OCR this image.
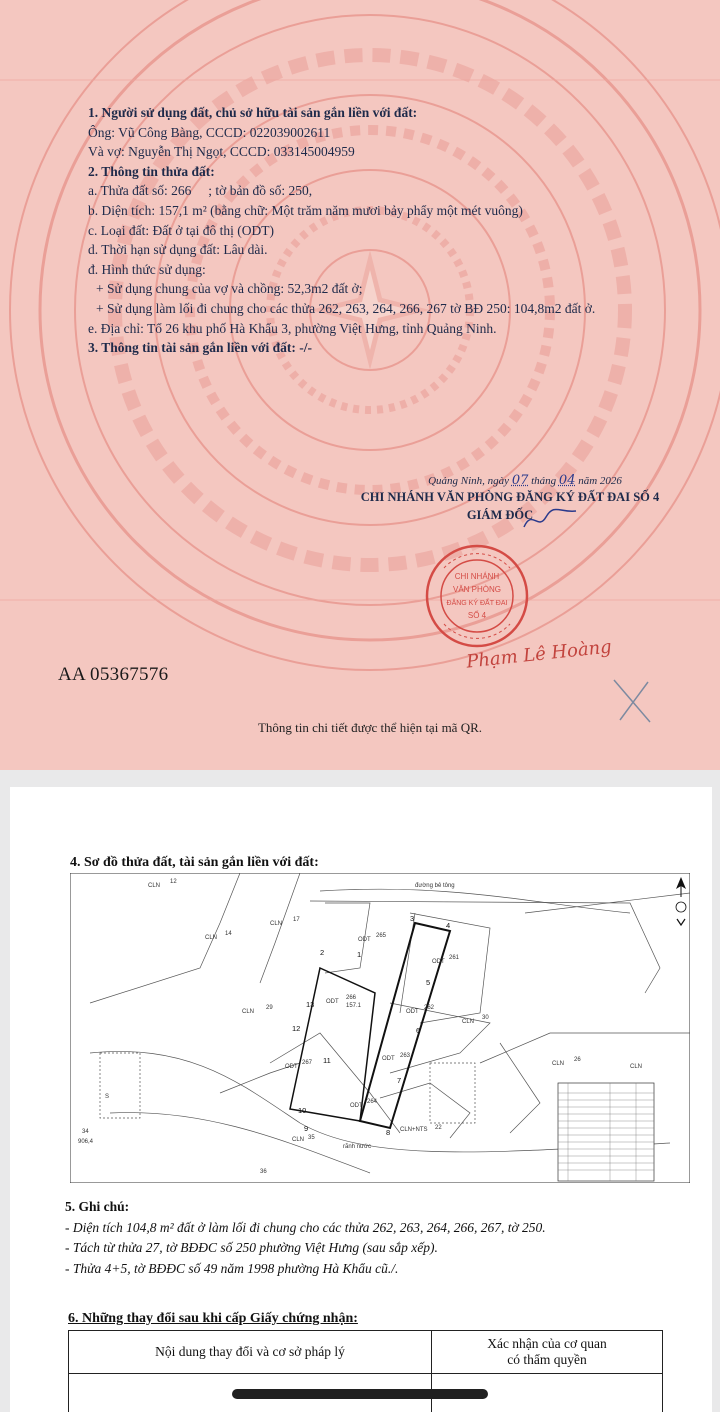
1. Người sử dụng đất, chủ sở hữu tài sản gắn liền với đất:
Ông: Vũ Công Bàng, CCCD: 022039002611
Và vợ: Nguyễn Thị Ngọt, CCCD: 033145004959
2. Thông tin thửa đất:
a. Thửa đất số: 266     ; tờ bản đồ số: 250,
b. Diện tích: 157,1 m² (bằng chữ: Một trăm năm mươi bảy phẩy một mét vuông)
c. Loại đất: Đất ở tại đô thị (ODT)
d. Thời hạn sử dụng đất: Lâu dài.
đ. Hình thức sử dụng:
+ Sử dụng chung của vợ và chồng: 52,3m2 đất ở;
+ Sử dụng làm lối đi chung cho các thửa 262, 263, 264, 266, 267 tờ BĐ 250: 104,8m2 đất ở.
e. Địa chỉ: Tổ 26 khu phố Hà Khẩu 3, phường Việt Hưng, tỉnh Quảng Ninh.
3. Thông tin tài sản gắn liền với đất: -/-
Quảng Ninh, ngày 07 tháng 04 năm 2026
CHI NHÁNH VĂN PHÒNG ĐĂNG KÝ ĐẤT ĐAI SỐ 4
GIÁM ĐỐC
CHI NHÁNH
VĂN PHÒNG
ĐĂNG KÝ ĐẤT ĐAI
SỐ 4
Phạm Lê Hoàng
AA 05367576
Thông tin chi tiết được thể hiện tại mã QR.
4. Sơ đồ thửa đất, tài sản gắn liền với đất:
CLN
12
CLN
17
CLN
14
CLN
29
CLN
30
CLN
26
CLN
ODT
265
ODT
261
ODT
262
ODT 263
ODT
264
ODT
267
ODT
266
157.1
đường bê tông
rãnh nước
S
34
906,4
36
CLN 35
CLN+NTS 22
1
2
3
4
5
6
7
8
9
10
11
12
13
5. Ghi chú:
- Diện tích 104,8 m² đất ở làm lối đi chung cho các thửa 262, 263, 264, 266, 267, tờ 250.
- Tách từ thửa 27, tờ BĐĐC số 250 phường Việt Hưng (sau sắp xếp).
- Thửa 4+5, tờ BĐĐC số 49 năm 1998 phường Hà Khẩu cũ./.
6. Những thay đổi sau khi cấp Giấy chứng nhận:
Nội dung thay đổi và cơ sở pháp lý	Xác nhận của cơ quan
có thẩm quyền
